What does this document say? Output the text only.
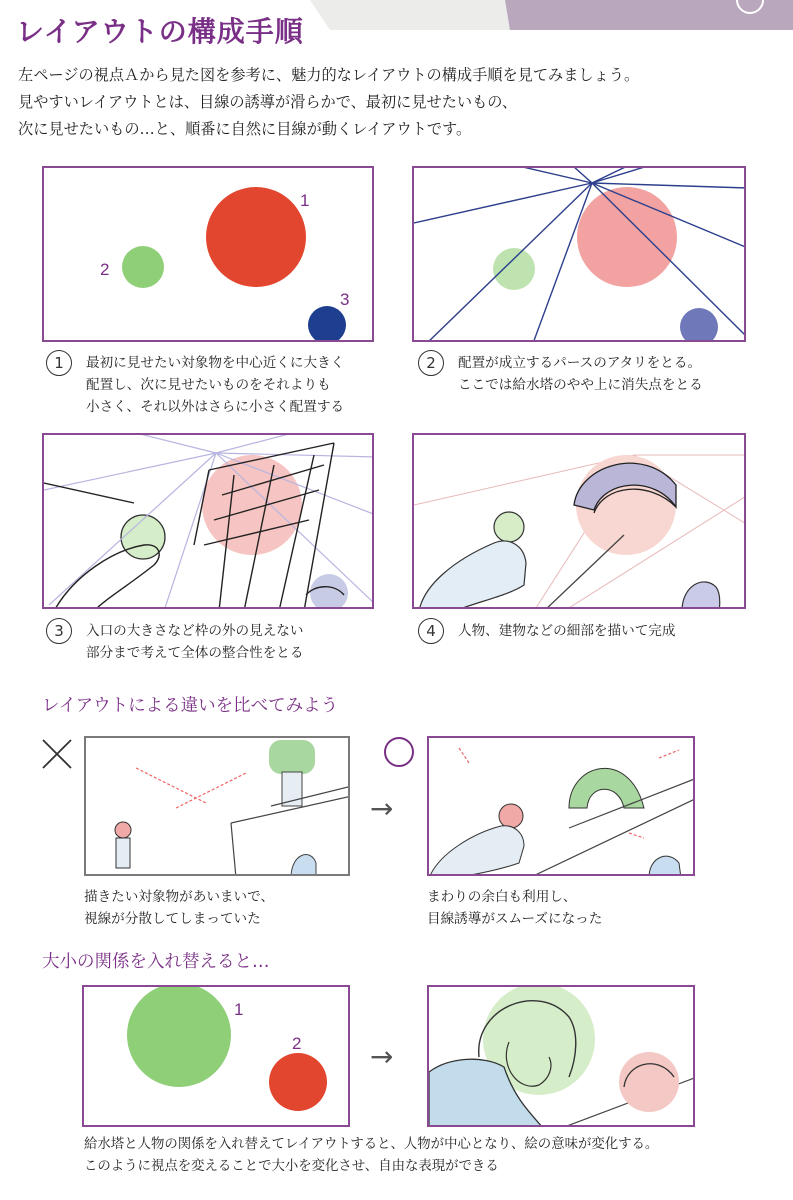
レイアウトの構成手順
左ページの視点Ａから見た図を参考に、魅力的なレイアウトの構成手順を見てみましょう。
見やすいレイアウトとは、目線の誘導が滑らかで、最初に見せたいもの、
次に見せたいもの…と、順番に自然に目線が動くレイアウトです。
1
2
3
1	最初に見せたい対象物を中心近くに大きく
配置し、次に見せたいものをそれよりも
小さく、それ以外はさらに小さく配置する
2	配置が成立するパースのアタリをとる。
ここでは給水塔のやや上に消失点をとる
3	入口の大きさなど枠の外の見えない
部分まで考えて全体の整合性をとる
4	人物、建物などの細部を描いて完成
レイアウトによる違いを比べてみよう
→
描きたい対象物があいまいで、
視線が分散してしまっていた
まわりの余白も利用し、
目線誘導がスムーズになった
大小の関係を入れ替えると…
1
2 →
給水塔と人物の関係を入れ替えてレイアウトすると、人物が中心となり、絵の意味が変化する。
このように視点を変えることで大小を変化させ、自由な表現ができる
